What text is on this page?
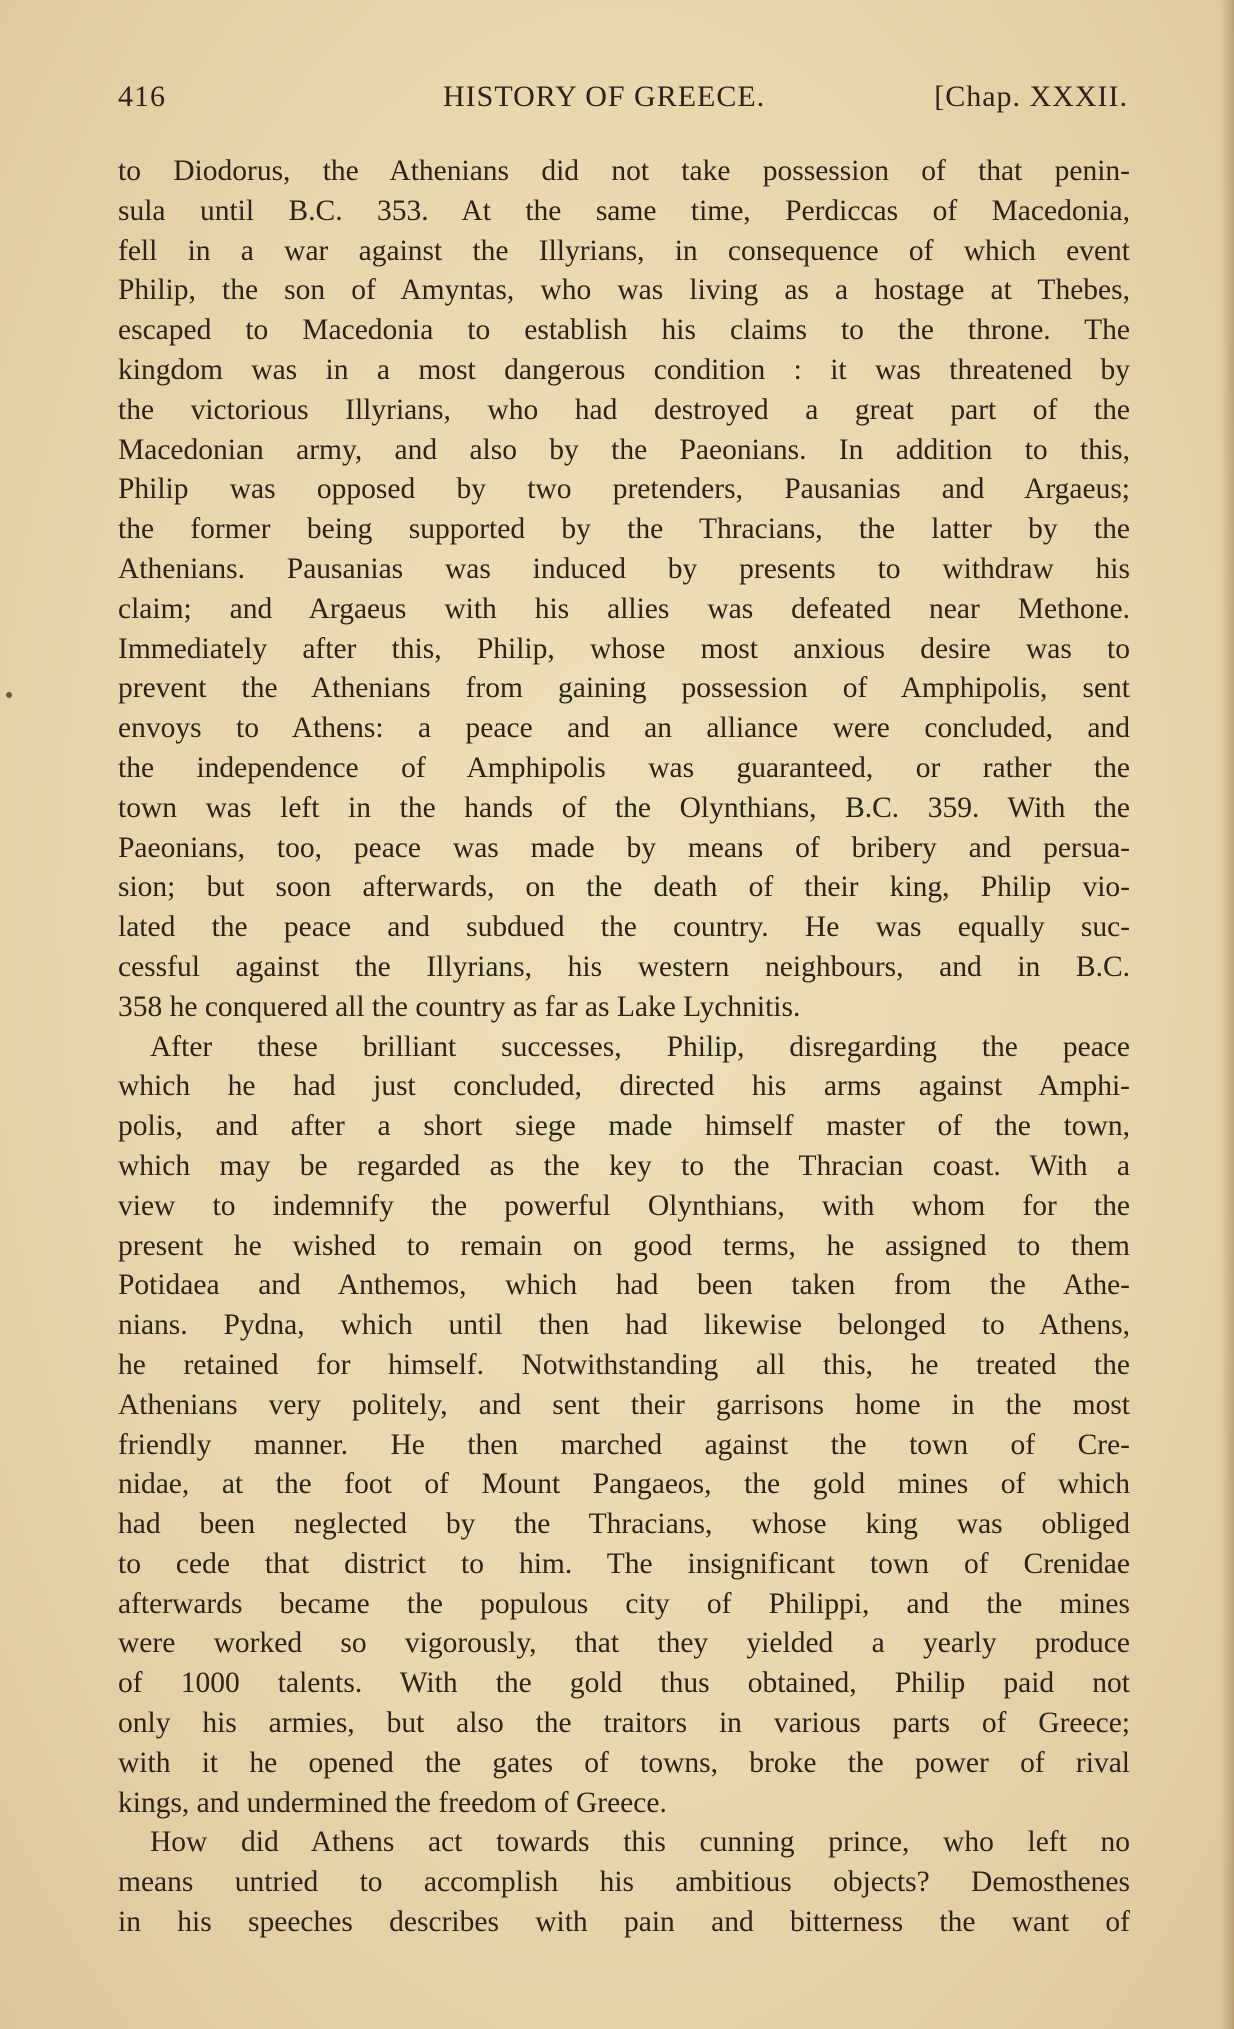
416	HISTORY OF GREECE.	[Chap. XXXII.
to Diodorus, the Athenians did not take possession of that penin-
sula until B.C. 353. At the same time, Perdiccas of Macedonia,
fell in a war against the Illyrians, in consequence of which event
Philip, the son of Amyntas, who was living as a hostage at Thebes,
escaped to Macedonia to establish his claims to the throne. The
kingdom was in a most dangerous condition : it was threatened by
the victorious Illyrians, who had destroyed a great part of the
Macedonian army, and also by the Paeonians. In addition to this,
Philip was opposed by two pretenders, Pausanias and Argaeus;
the former being supported by the Thracians, the latter by the
Athenians. Pausanias was induced by presents to withdraw his
claim; and Argaeus with his allies was defeated near Methone.
Immediately after this, Philip, whose most anxious desire was to
prevent the Athenians from gaining possession of Amphipolis, sent
envoys to Athens: a peace and an alliance were concluded, and
the independence of Amphipolis was guaranteed, or rather the
town was left in the hands of the Olynthians, B.C. 359. With the
Paeonians, too, peace was made by means of bribery and persua-
sion; but soon afterwards, on the death of their king, Philip vio-
lated the peace and subdued the country. He was equally suc-
cessful against the Illyrians, his western neighbours, and in B.C.
358 he conquered all the country as far as Lake Lychnitis.
After these brilliant successes, Philip, disregarding the peace
which he had just concluded, directed his arms against Amphi-
polis, and after a short siege made himself master of the town,
which may be regarded as the key to the Thracian coast. With a
view to indemnify the powerful Olynthians, with whom for the
present he wished to remain on good terms, he assigned to them
Potidaea and Anthemos, which had been taken from the Athe-
nians. Pydna, which until then had likewise belonged to Athens,
he retained for himself. Notwithstanding all this, he treated the
Athenians very politely, and sent their garrisons home in the most
friendly manner. He then marched against the town of Cre-
nidae, at the foot of Mount Pangaeos, the gold mines of which
had been neglected by the Thracians, whose king was obliged
to cede that district to him. The insignificant town of Crenidae
afterwards became the populous city of Philippi, and the mines
were worked so vigorously, that they yielded a yearly produce
of 1000 talents. With the gold thus obtained, Philip paid not
only his armies, but also the traitors in various parts of Greece;
with it he opened the gates of towns, broke the power of rival
kings, and undermined the freedom of Greece.
How did Athens act towards this cunning prince, who left no
means untried to accomplish his ambitious objects? Demosthenes
in his speeches describes with pain and bitterness the want of
